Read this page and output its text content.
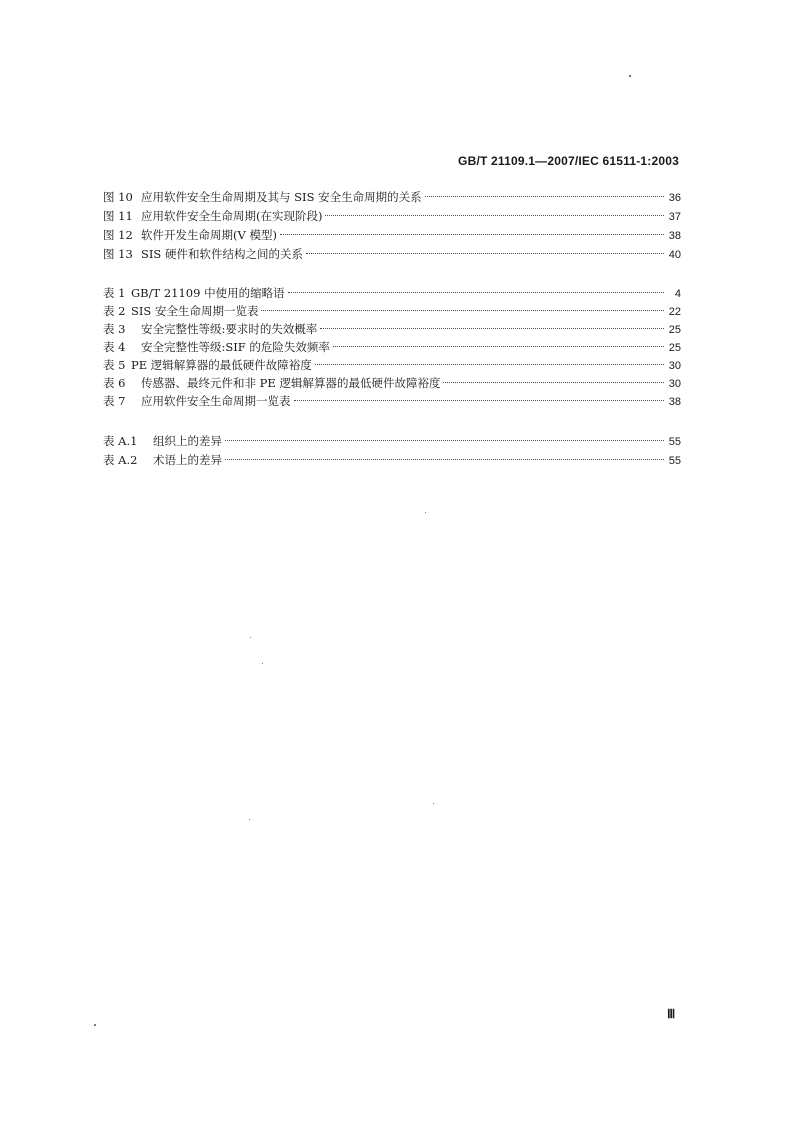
GB/T 21109.1—2007/IEC 61511-1:2003
图 10 应用软件安全生命周期及其与 SIS 安全生命周期的关系	36
图 11 应用软件安全生命周期(在实现阶段)	37
图 12 软件开发生命周期(V 模型)	38
图 13 SIS 硬件和软件结构之间的关系	40
表 1 GB/T 21109 中使用的缩略语	4
表 2 SIS 安全生命周期一览表	22
表 3	安全完整性等级:要求时的失效概率	25
表 4	安全完整性等级:SIF 的危险失效频率	25
表 5 PE 逻辑解算器的最低硬件故障裕度	30
表 6	传感器、最终元件和非 PE 逻辑解算器的最低硬件故障裕度	30
表 7	应用软件安全生命周期一览表	38
表 A.1	组织上的差异	55
表 A.2	术语上的差异	55
Ⅲ
